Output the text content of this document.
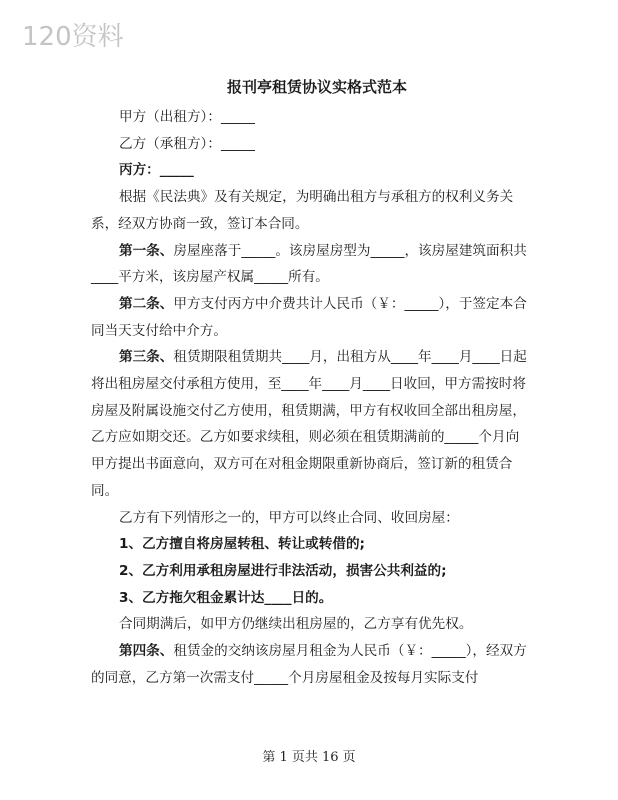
120资料
报刊亭租赁协议实格式范本

甲方（出租方）：_____

乙方（承租方）：_____

丙方：_____

根据《民法典》及有关规定，为明确出租方与承租方的权利义务关系，经双方协商一致，签订本合同。

第一条、房屋座落于_____。该房屋房型为_____，该房屋建筑面积共____平方米，该房屋产权属_____所有。

第二条、甲方支付丙方中介费共计人民币（￥：_____），于签定本合同当天支付给中介方。

第三条、租赁期限租赁期共____月，出租方从____年____月____日起将出租房屋交付承租方使用，至____年____月____日收回，甲方需按时将房屋及附属设施交付乙方使用，租赁期满，甲方有权收回全部出租房屋，乙方应如期交还。乙方如要求续租，则必须在租赁期满前的_____个月向甲方提出书面意向，双方可在对租金期限重新协商后，签订新的租赁合同。

乙方有下列情形之一的，甲方可以终止合同、收回房屋：

1、乙方擅自将房屋转租、转让或转借的;

2、乙方利用承租房屋进行非法活动，损害公共利益的;

3、乙方拖欠租金累计达____日的。

合同期满后，如甲方仍继续出租房屋的，乙方享有优先权。

第四条、租赁金的交纳该房屋月租金为人民币（￥：_____），经双方的同意，乙方第一次需支付_____个月房屋租金及按每月实际支付

第 1 页共 16 页
